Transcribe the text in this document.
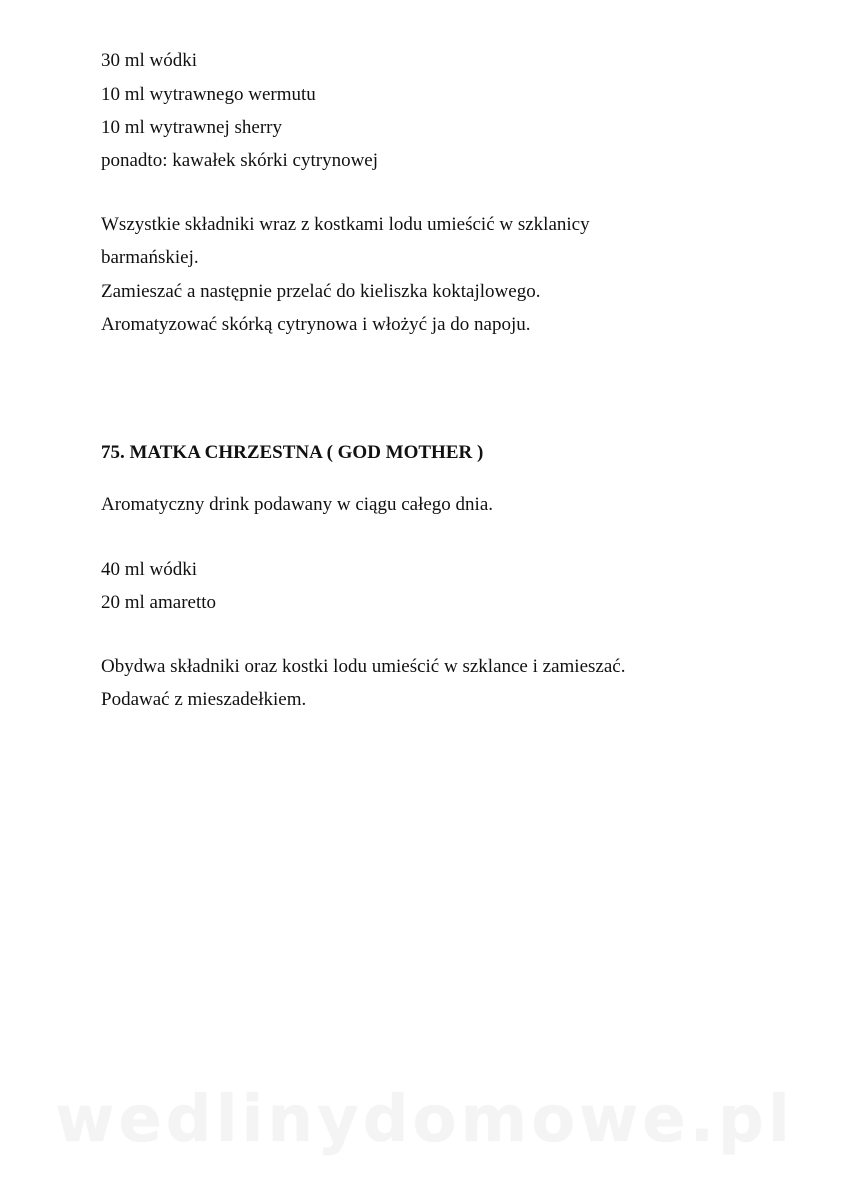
30 ml wódki
10 ml wytrawnego wermutu
10 ml wytrawnej sherry
ponadto: kawałek skórki cytrynowej
Wszystkie składniki wraz z kostkami lodu umieścić w szklanicy
barmańskiej.
Zamieszać a następnie przelać do kieliszka koktajlowego.
Aromatyzować skórką cytrynowa i włożyć ja do napoju.
75. MATKA CHRZESTNA ( GOD MOTHER )
Aromatyczny drink podawany w ciągu całego dnia.
40 ml wódki
20 ml amaretto
Obydwa składniki oraz kostki lodu umieścić w szklance i zamieszać.
Podawać z mieszadełkiem.
wedlinydomowe.pl
